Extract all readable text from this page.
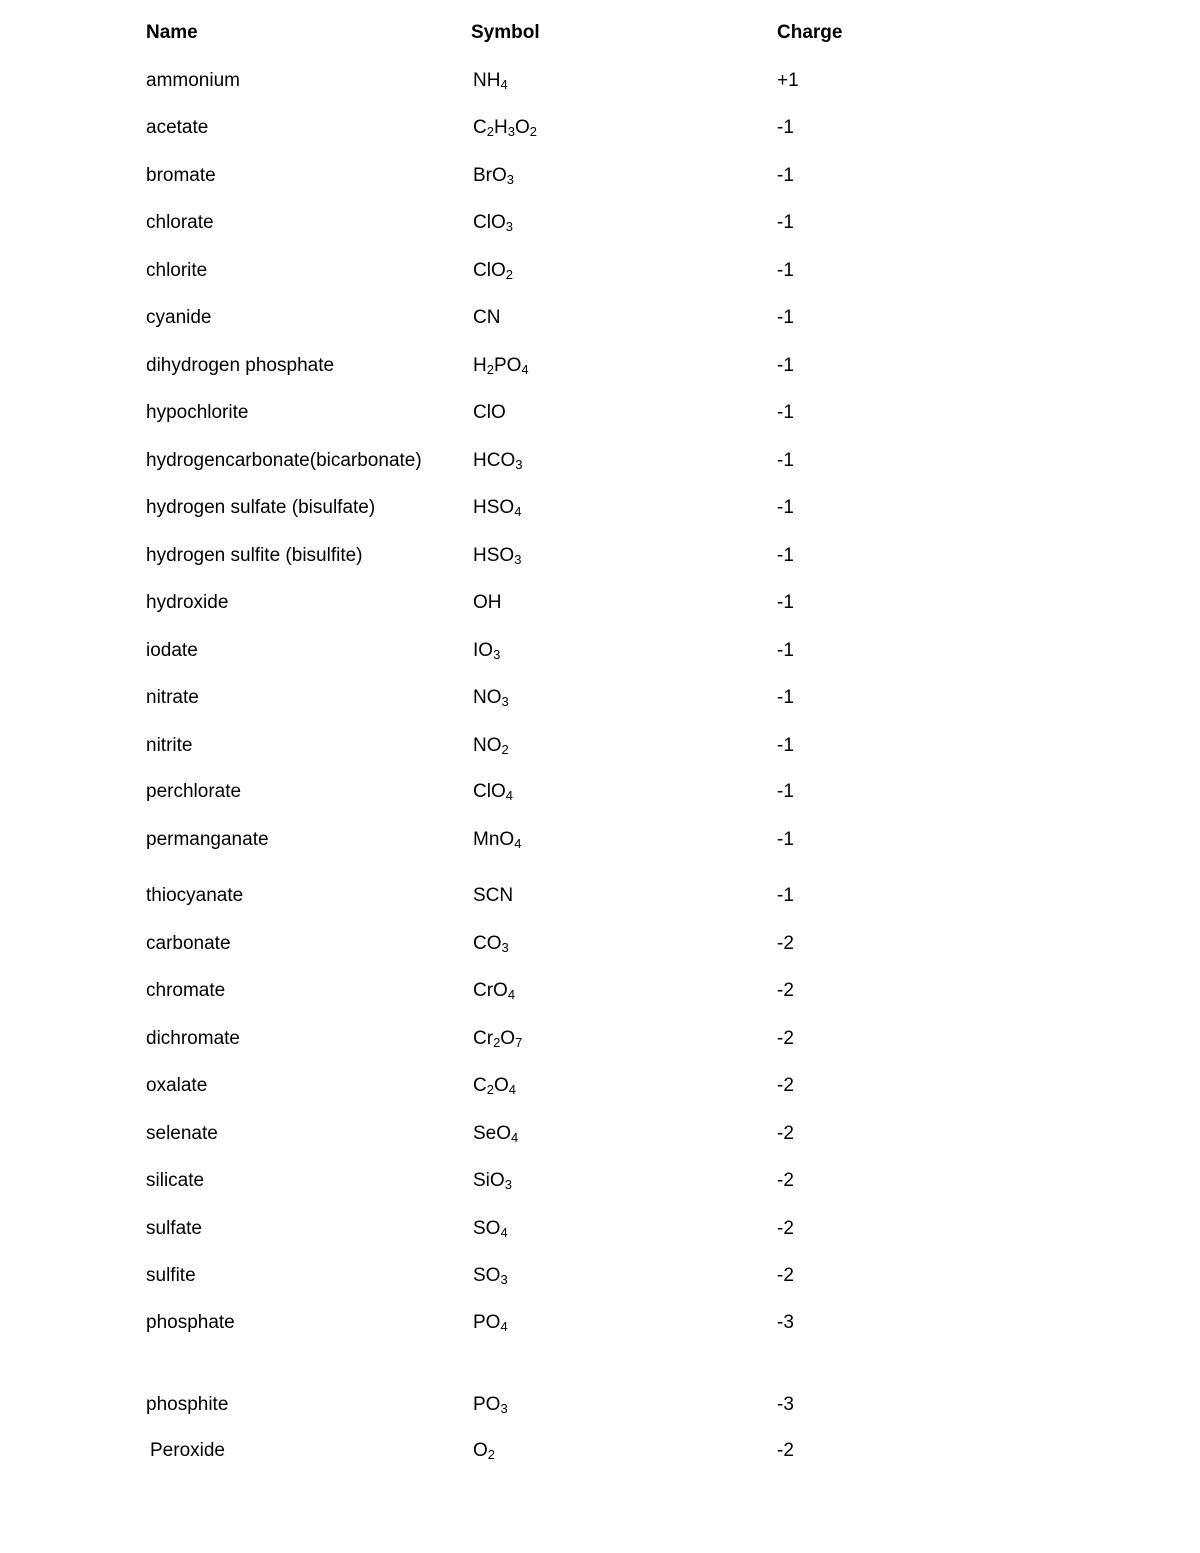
Name	Symbol	Charge
ammonium	$NH_4$	+1
acetate	$C_2H_3O_2$	-1
bromate	BrO$_3$	-1
chlorate	ClO$_3$	-1
chlorite	ClO$_2$	-1
cyanide	CN	-1
dihydrogen phosphate	$H_2PO_4$	-1
hypochlorite	ClO	-1
hydrogencarbonate(bicarbonate)	$HCO_3$	-1
hydrogen sulfate (bisulfate)	$HSO_4$	-1
hydrogen sulfite (bisulfite)	$HSO_3$	-1
hydroxide	OH	-1
iodate	$IO_3$	-1
nitrate	$NO_3$	-1
nitrite	$NO_2$	-1
perchlorate	ClO$_4$	-1
permanganate	MnO$_4$	-1
thiocyanate	SCN	-1
carbonate	$CO_3$	-2
chromate	CrO$_4$	-2
dichromate	$Cr_2O_7$	-2
oxalate	$C_2O_4$	-2
selenate	SeO$_4$	-2
silicate	SiO$_3$	-2
sulfate	$SO_4$	-2
sulfite	$SO_3$	-2
phosphate	$PO_4$	-3
phosphite	$PO_3$	-3
Peroxide	$O_2$	-2
